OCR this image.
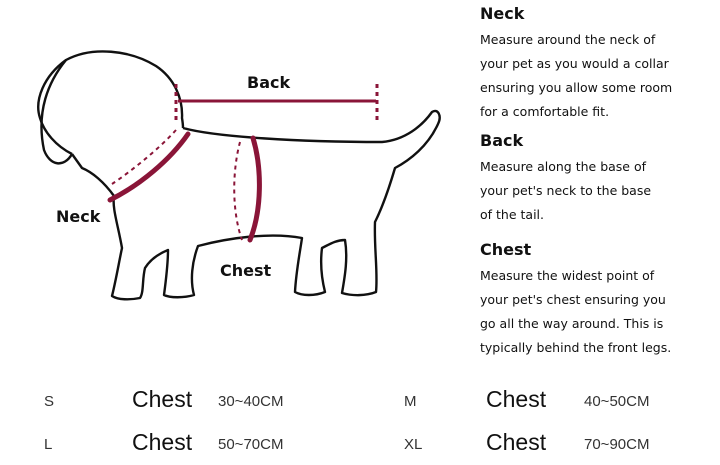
Back
Neck
Chest
Neck

Measure around the neck of
your pet as you would a collar
ensuring you allow some room
for a comfortable fit.

Back

Measure along the base of
your pet's neck to the base
of the tail.

Chest

Measure the widest point of
your pet's chest ensuring you
go all the way around. This is
typically behind the front legs.

S	Chest 30~40CM	M	Chest	40~50CM
L	Chest 50~70CM	XL	Chest	70~90CM
